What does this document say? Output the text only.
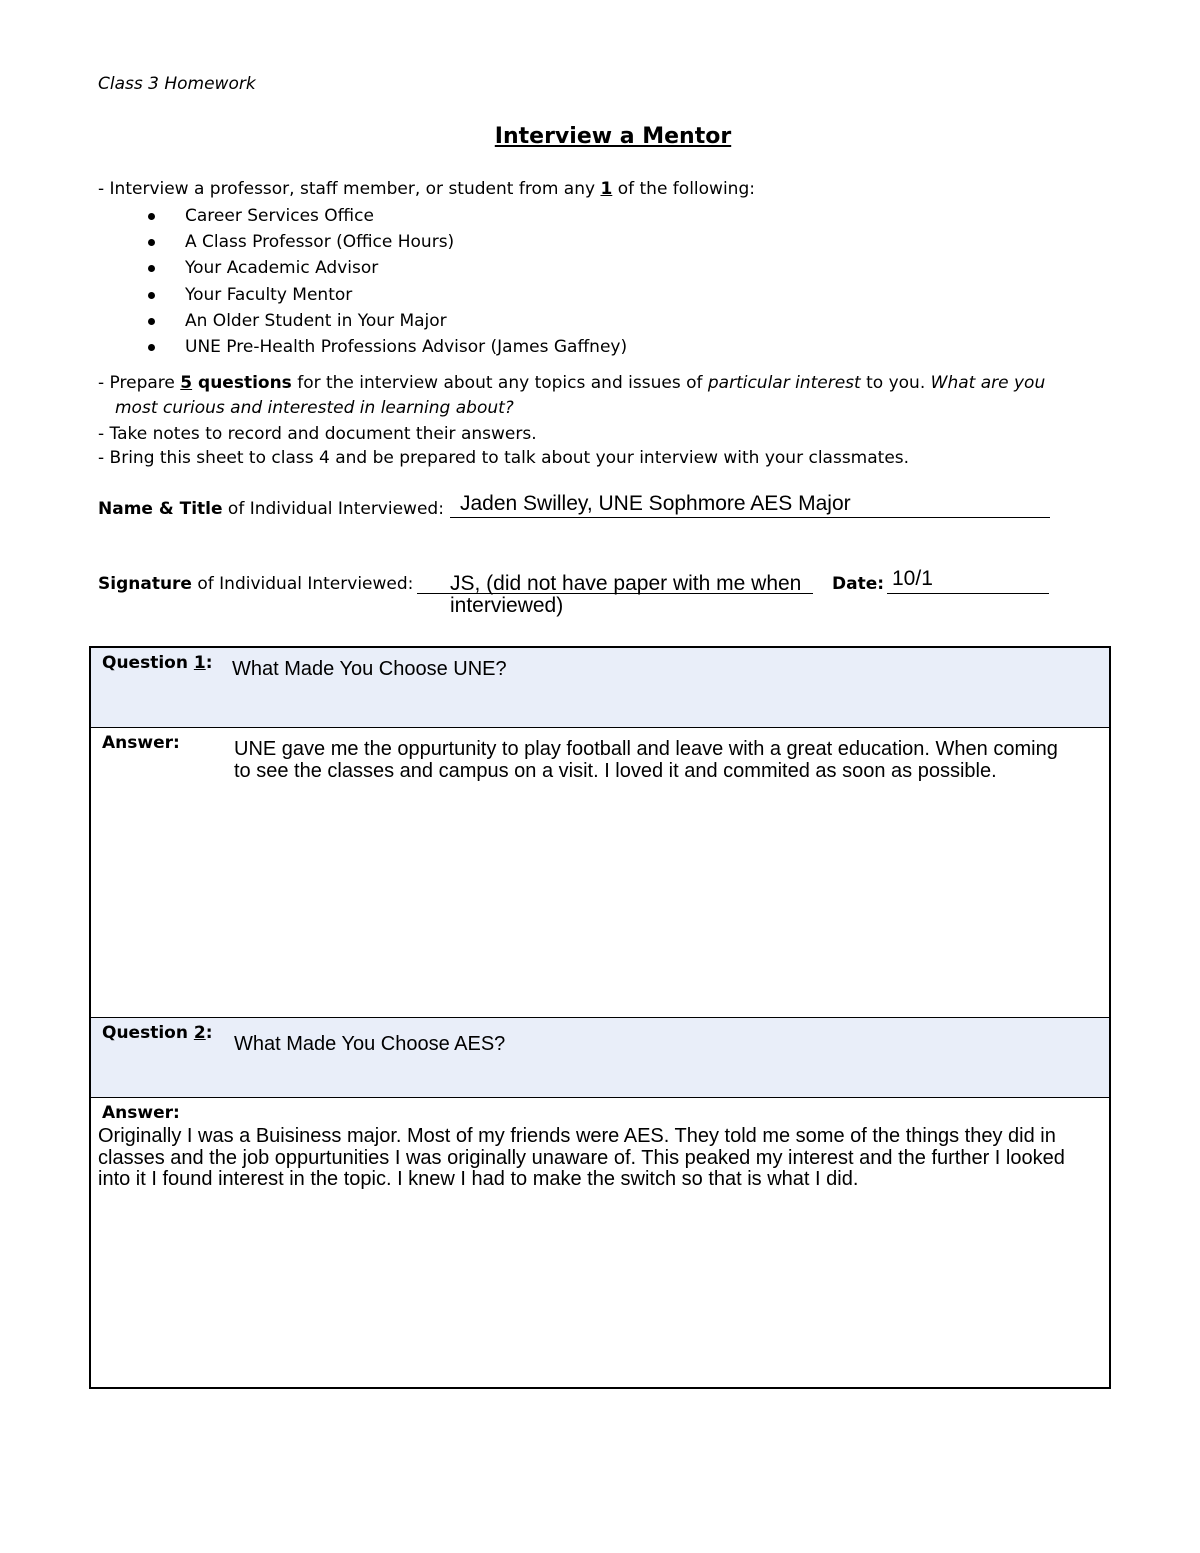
Class 3 Homework
Interview a Mentor
- Interview a professor, staff member, or student from any 1 of the following:
Career Services Office
A Class Professor (Office Hours)
Your Academic Advisor
Your Faculty Mentor
An Older Student in Your Major
UNE Pre-Health Professions Advisor (James Gaffney)
- Prepare 5 questions for the interview about any topics and issues of particular interest to you. What are you
most curious and interested in learning about?
- Take notes to record and document their answers.
- Bring this sheet to class 4 and be prepared to talk about your interview with your classmates.
Name & Title of Individual Interviewed: Jaden Swilley, UNE Sophmore AES Major
Signature of Individual Interviewed: JS, (did not have paper with me when
interviewed)
Date: 10/1
Question 1: What Made You Choose UNE?
Answer:	UNE gave me the oppurtunity to play football and leave with a great education. When coming to see the classes and campus on a visit. I loved it and commited as soon as possible.
Question 2: What Made You Choose AES?
Answer:
Originally I was a Buisiness major. Most of my friends were AES. They told me some of the things they did in classes and the job oppurtunities I was originally unaware of. This peaked my interest and the further I looked into it I found interest in the topic. I knew I had to make the switch so that is what I did.
